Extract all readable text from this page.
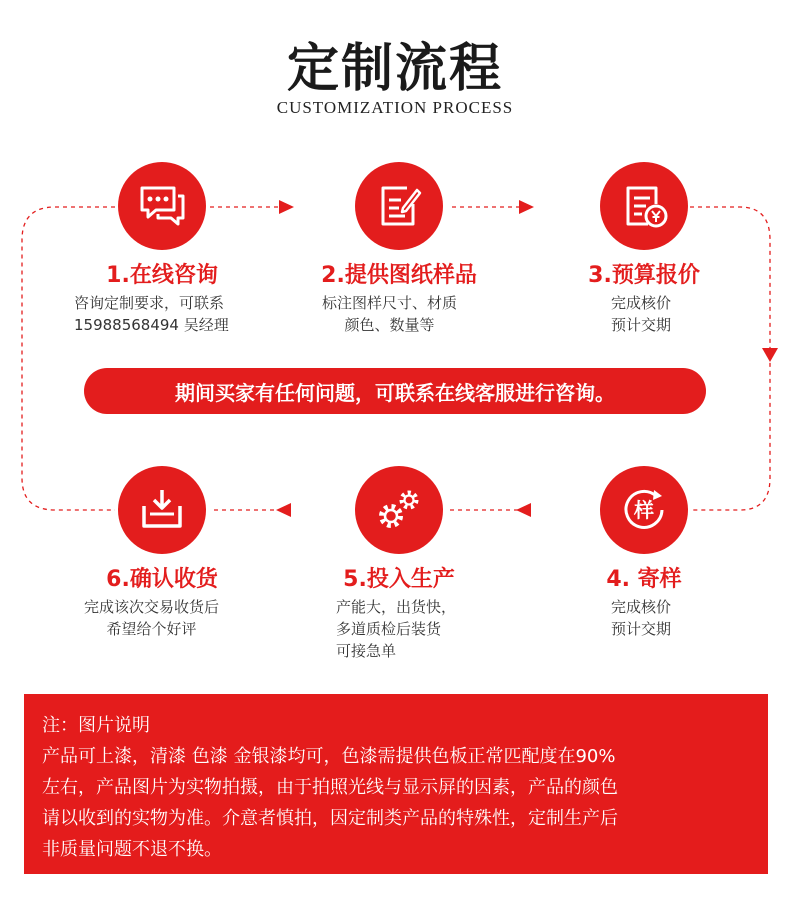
定制流程
CUSTOMIZATION PROCESS
1.在线咨询
咨询定制要求，可联系
15988568494 吴经理
2.提供图纸样品
标注图样尺寸、材质
颜色、数量等
3.预算报价
完成核价
预计交期
期间买家有任何问题，可联系在线客服进行咨询。
6.确认收货
完成该次交易收货后
希望给个好评
5.投入生产
产能大，出货快，
多道质检后装货
可接急单
样
4. 寄样
完成核价
预计交期
注：图片说明
产品可上漆，清漆 色漆 金银漆均可，色漆需提供色板正常匹配度在90%
左右，产品图片为实物拍摄，由于拍照光线与显示屏的因素，产品的颜色
请以收到的实物为准。介意者慎拍，因定制类产品的特殊性，定制生产后
非质量问题不退不换。
